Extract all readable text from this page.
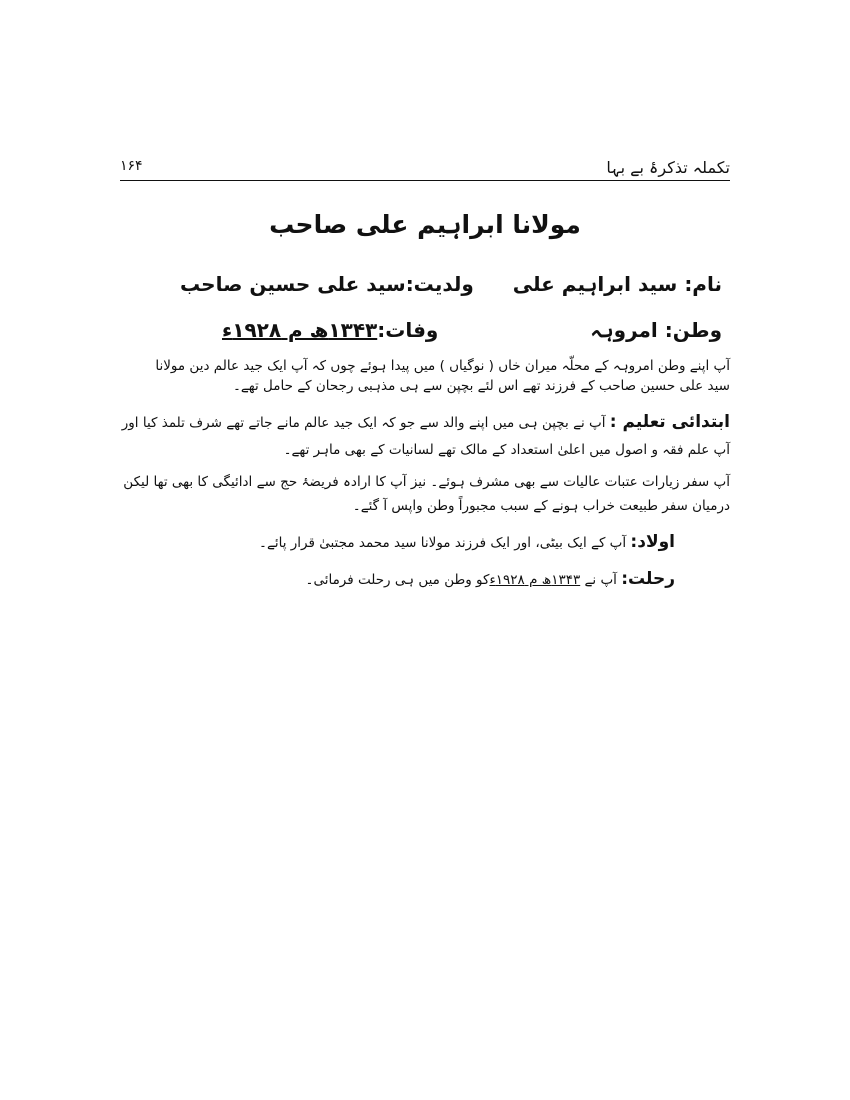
تکملہ تذکرۂ بے بہا
۱۶۴
مولانا ابراہیم علی صاحب
نام: سید ابراہیم علی
ولدیت:سید علی حسین صاحب
وطن: امروہہ
وفات:۱۳۴۳ھ م ۱۹۲۸ء
آپ اپنے وطن امروہہ کے محلّہ میران خاں ( نوگیاں ) میں پیدا ہوئے چوں کہ آپ ایک جید عالم دین مولانا
سید علی حسین صاحب کے فرزند تھے اس لئے بچپن سے ہی مذہبی رجحان کے حامل تھے۔
ابتدائی تعلیم : آپ نے بچپن ہی میں اپنے والد سے جو کہ ایک جید عالم مانے جاتے تھے شرف تلمذ کیا اور
آپ علم فقہ و اصول میں اعلیٰ استعداد کے مالک تھے لسانیات کے بھی ماہر تھے۔
آپ سفر زیارات عتبات عالیات سے بھی مشرف ہوئے۔ نیز آپ کا ارادہ فریضۂ حج سے ادائیگی کا بھی تھا لیکن
درمیان سفر طبیعت خراب ہونے کے سبب مجبوراً وطن واپس آ گئے۔
اولاد: آپ کے ایک بیٹی، اور ایک فرزند مولانا سید محمد مجتبیٰ قرار پائے۔
رحلت: آپ نے ۱۳۴۳ھ م ۱۹۲۸ءکو وطن میں ہی رحلت فرمائی۔
